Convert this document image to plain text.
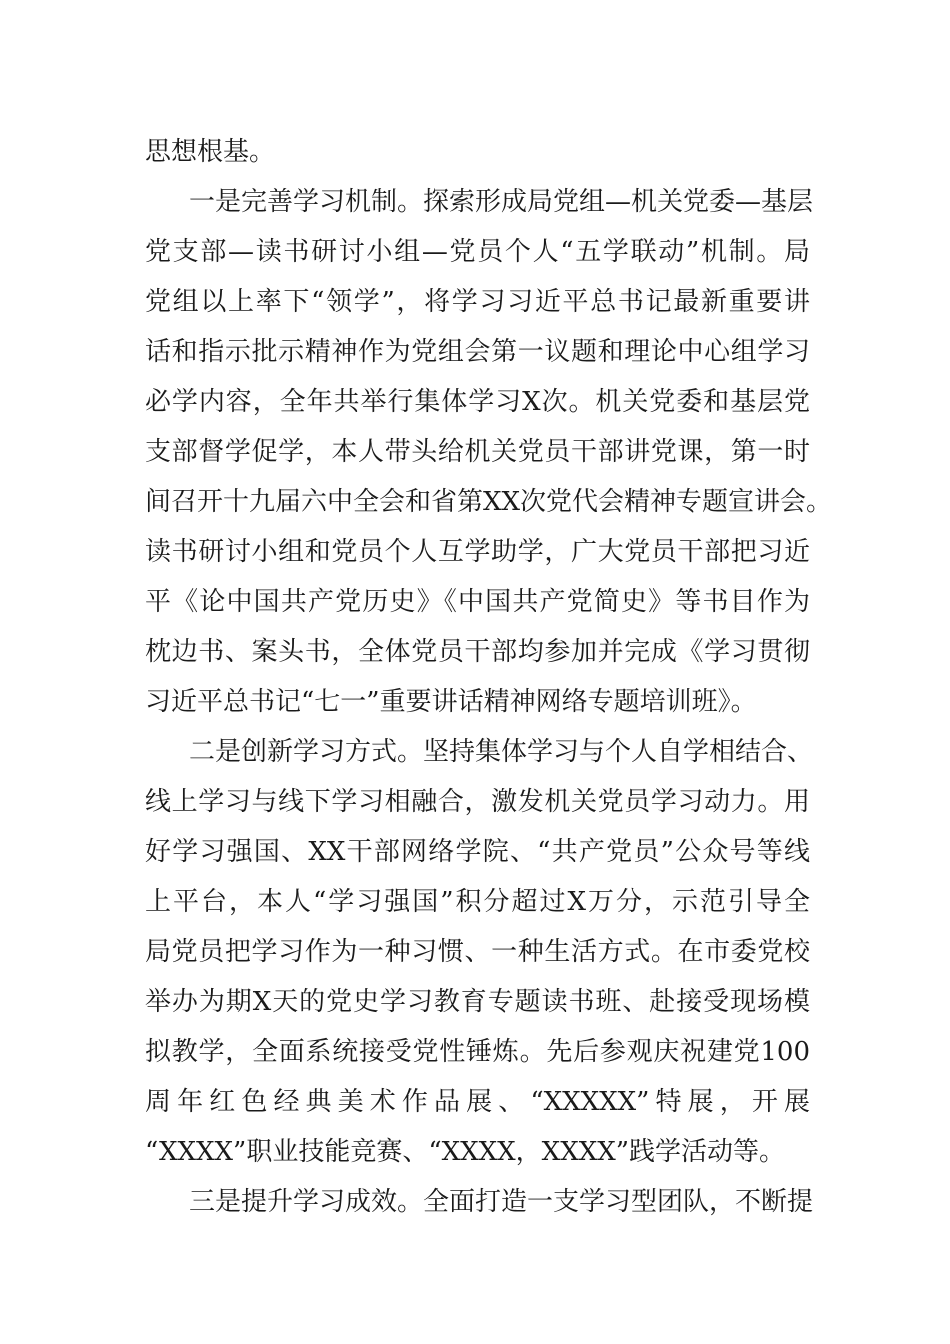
思想根基。
一是完善学习机制。探索形成局党组—机关党委—基层
党支部—读书研讨小组—党员个人“五学联动”机制。局
党组以上率下“领学”，将学习习近平总书记最新重要讲
话和指示批示精神作为党组会第一议题和理论中心组学习
必学内容，全年共举行集体学习X次。机关党委和基层党
支部督学促学，本人带头给机关党员干部讲党课，第一时
间召开十九届六中全会和省第XX次党代会精神专题宣讲会。
读书研讨小组和党员个人互学助学，广大党员干部把习近
平《论中国共产党历史》《中国共产党简史》等书目作为
枕边书、案头书，全体党员干部均参加并完成《学习贯彻
习近平总书记“七一”重要讲话精神网络专题培训班》。
二是创新学习方式。坚持集体学习与个人自学相结合、
线上学习与线下学习相融合，激发机关党员学习动力。用
好学习强国、XX干部网络学院、“共产党员”公众号等线
上平台，本人“学习强国”积分超过X万分，示范引导全
局党员把学习作为一种习惯、一种生活方式。在市委党校
举办为期X天的党史学习教育专题读书班、赴接受现场模
拟教学，全面系统接受党性锤炼。先后参观庆祝建党100
周年红色经典美术作品展、“XXXXX”特展，开展
“XXXX”职业技能竞赛、“XXXX，XXXX”践学活动等。
三是提升学习成效。全面打造一支学习型团队，不断提
